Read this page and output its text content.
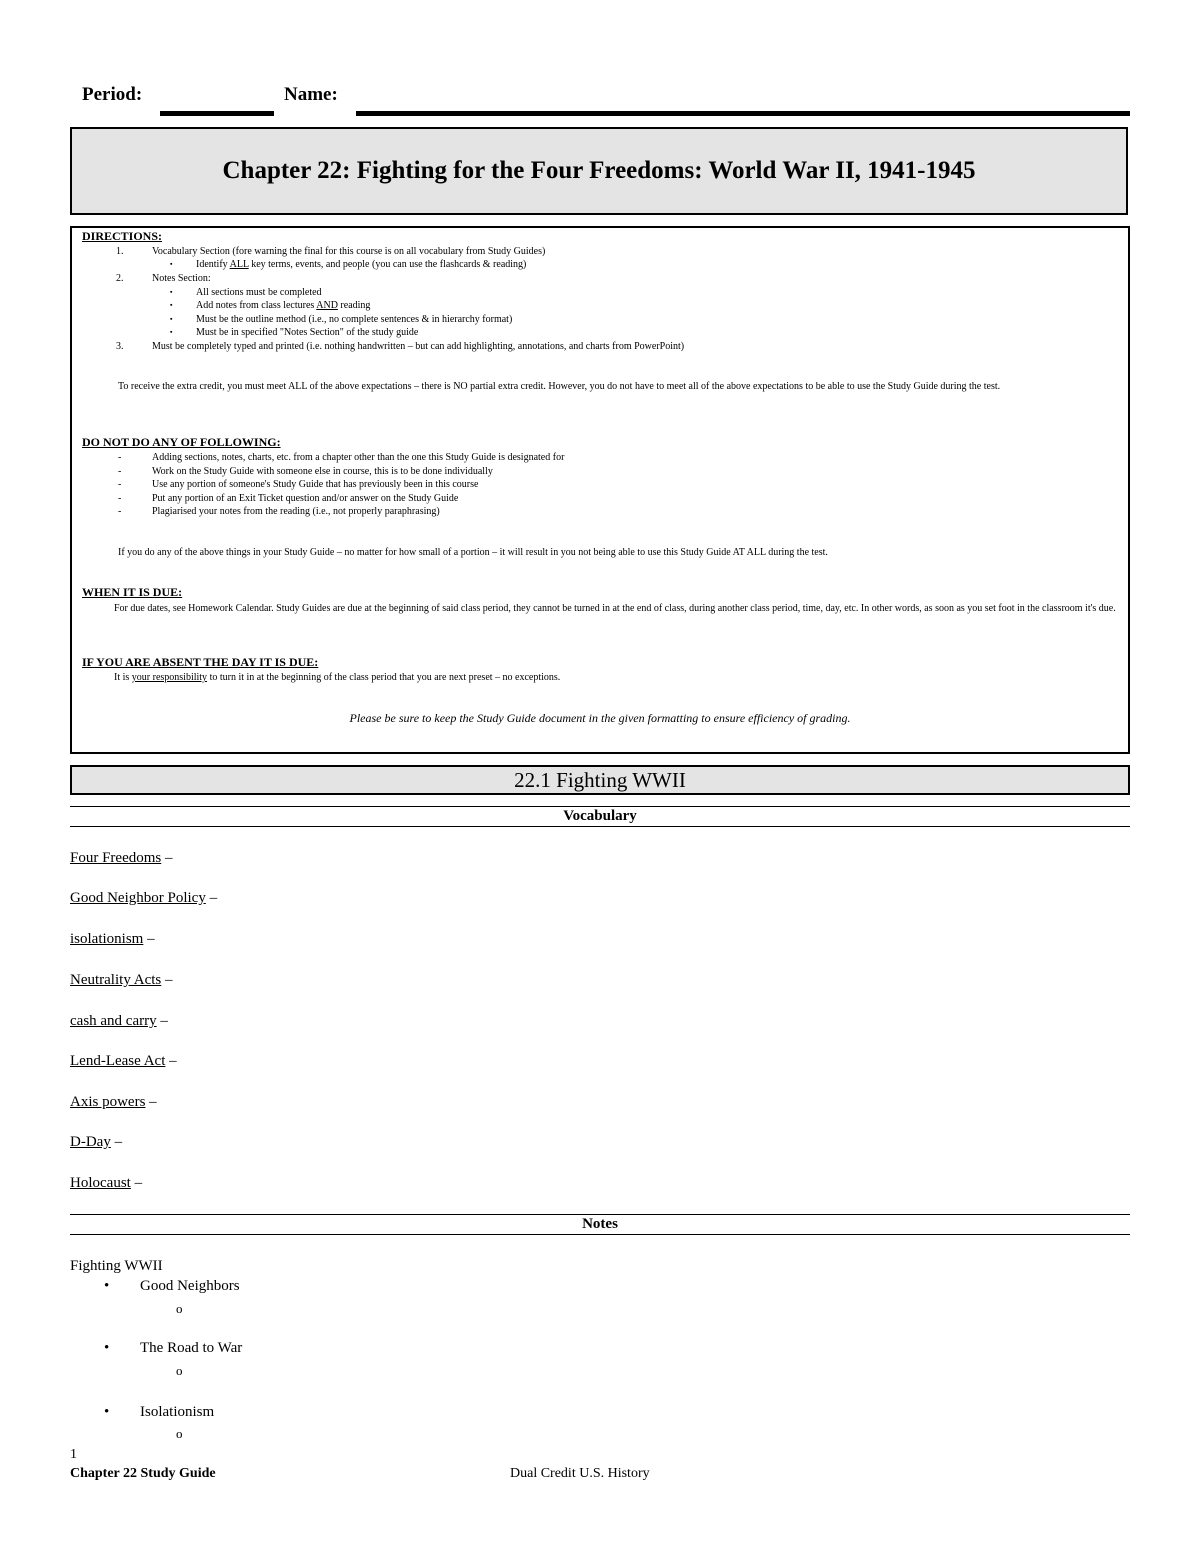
Period:	Name:
Chapter 22: Fighting for the Four Freedoms: World War II, 1941-1945
DIRECTIONS:
1.	Vocabulary Section (fore warning the final for this course is on all vocabulary from Study Guides)
▪ Identify ALL key terms, events, and people (you can use the flashcards & reading)
2.	Notes Section:
▪ All sections must be completed
▪ Add notes from class lectures AND reading
▪ Must be the outline method (i.e., no complete sentences & in hierarchy format)
▪ Must be in specified "Notes Section" of the study guide
3.	Must be completely typed and printed (i.e. nothing handwritten – but can add highlighting, annotations, and charts from PowerPoint)
To receive the extra credit, you must meet ALL of the above expectations – there is NO partial extra credit. However, you do not have to meet all of the above expectations to be able to use the Study Guide during the test.
DO NOT DO ANY OF FOLLOWING:
-	Adding sections, notes, charts, etc. from a chapter other than the one this Study Guide is designated for
-	Work on the Study Guide with someone else in course, this is to be done individually
-	Use any portion of someone's Study Guide that has previously been in this course
-	Put any portion of an Exit Ticket question and/or answer on the Study Guide
-	Plagiarised your notes from the reading (i.e., not properly paraphrasing)
If you do any of the above things in your Study Guide – no matter for how small of a portion – it will result in you not being able to use this Study Guide AT ALL during the test.
WHEN IT IS DUE:
For due dates, see Homework Calendar. Study Guides are due at the beginning of said class period, they cannot be turned in at the end of class, during another class period, time, day, etc. In other words, as soon as you set foot in the classroom it's due.
IF YOU ARE ABSENT THE DAY IT IS DUE:
It is your responsibility to turn it in at the beginning of the class period that you are next preset – no exceptions.
Please be sure to keep the Study Guide document in the given formatting to ensure efficiency of grading.
22.1 Fighting WWII
Vocabulary
Four Freedoms –
Good Neighbor Policy –
isolationism –
Neutrality Acts –
cash and carry –
Lend-Lease Act –
Axis powers –
D-Day –
Holocaust –
Notes
Fighting WWII
• Good Neighbors
o
• The Road to War
o
• Isolationism
o
1
Chapter 22 Study Guide	Dual Credit U.S. History
